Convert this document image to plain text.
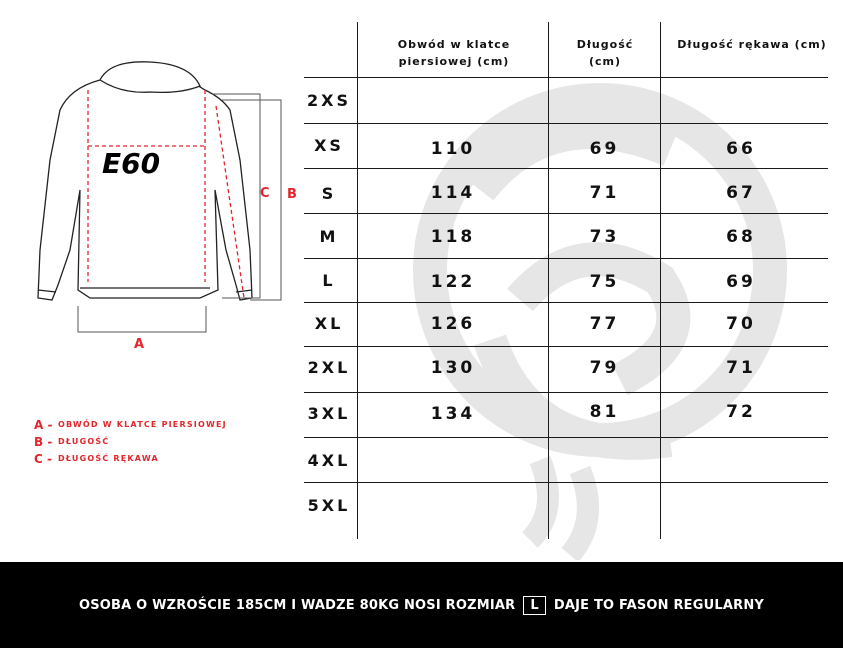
E60
A
C B
A - OBWÓD W KLATCE PIERSIOWEJ
B - DŁUGOŚĆ
C - DŁUGOŚĆ RĘKAWA
Obwód w klatce piersiowej (cm)
Długość (cm)
Długość rękawa (cm)
2XS
XS
S
M
L
XL
2XL
3XL
4XL
5XL
110
114
118
122
126
130
134
69
71
73
75
77
79
81
66
67
68
69
70
71
72
OSOBA O WZROŚCIE 185CM I WADZE 80KG NOSI ROZMIAR	L	DAJE TO FASON REGULARNY
